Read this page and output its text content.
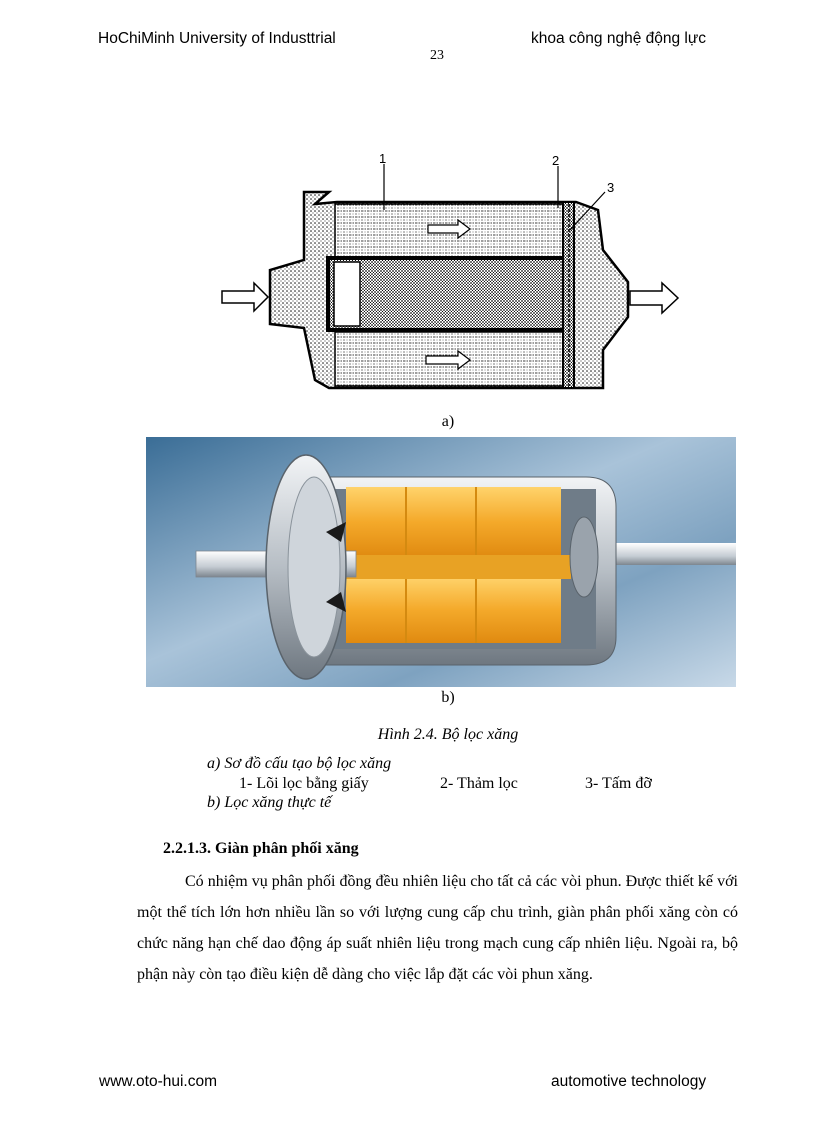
HoChiMinh University of Industtrial	khoa công nghệ động lực
23
1	2
3
a)
b)
Hình 2.4. Bộ lọc xăng
a) Sơ đồ cấu tạo bộ lọc xăng
1- Lõi lọc bằng giấy	2- Thảm lọc	3- Tấm đỡ
b) Lọc xăng thực tế
2.2.1.3. Giàn phân phối xăng

Có nhiệm vụ phân phối đồng đều nhiên liệu cho tất cả các vòi phun. Được thiết kế với một thể tích lớn hơn nhiều lần so với lượng cung cấp chu trình, giàn phân phối xăng còn có chức năng hạn chế dao động áp suất nhiên liệu trong mạch cung cấp nhiên liệu. Ngoài ra, bộ phận này còn tạo điều kiện dễ dàng cho việc lắp đặt các vòi phun xăng.

www.oto-hui.com	automotive technology
